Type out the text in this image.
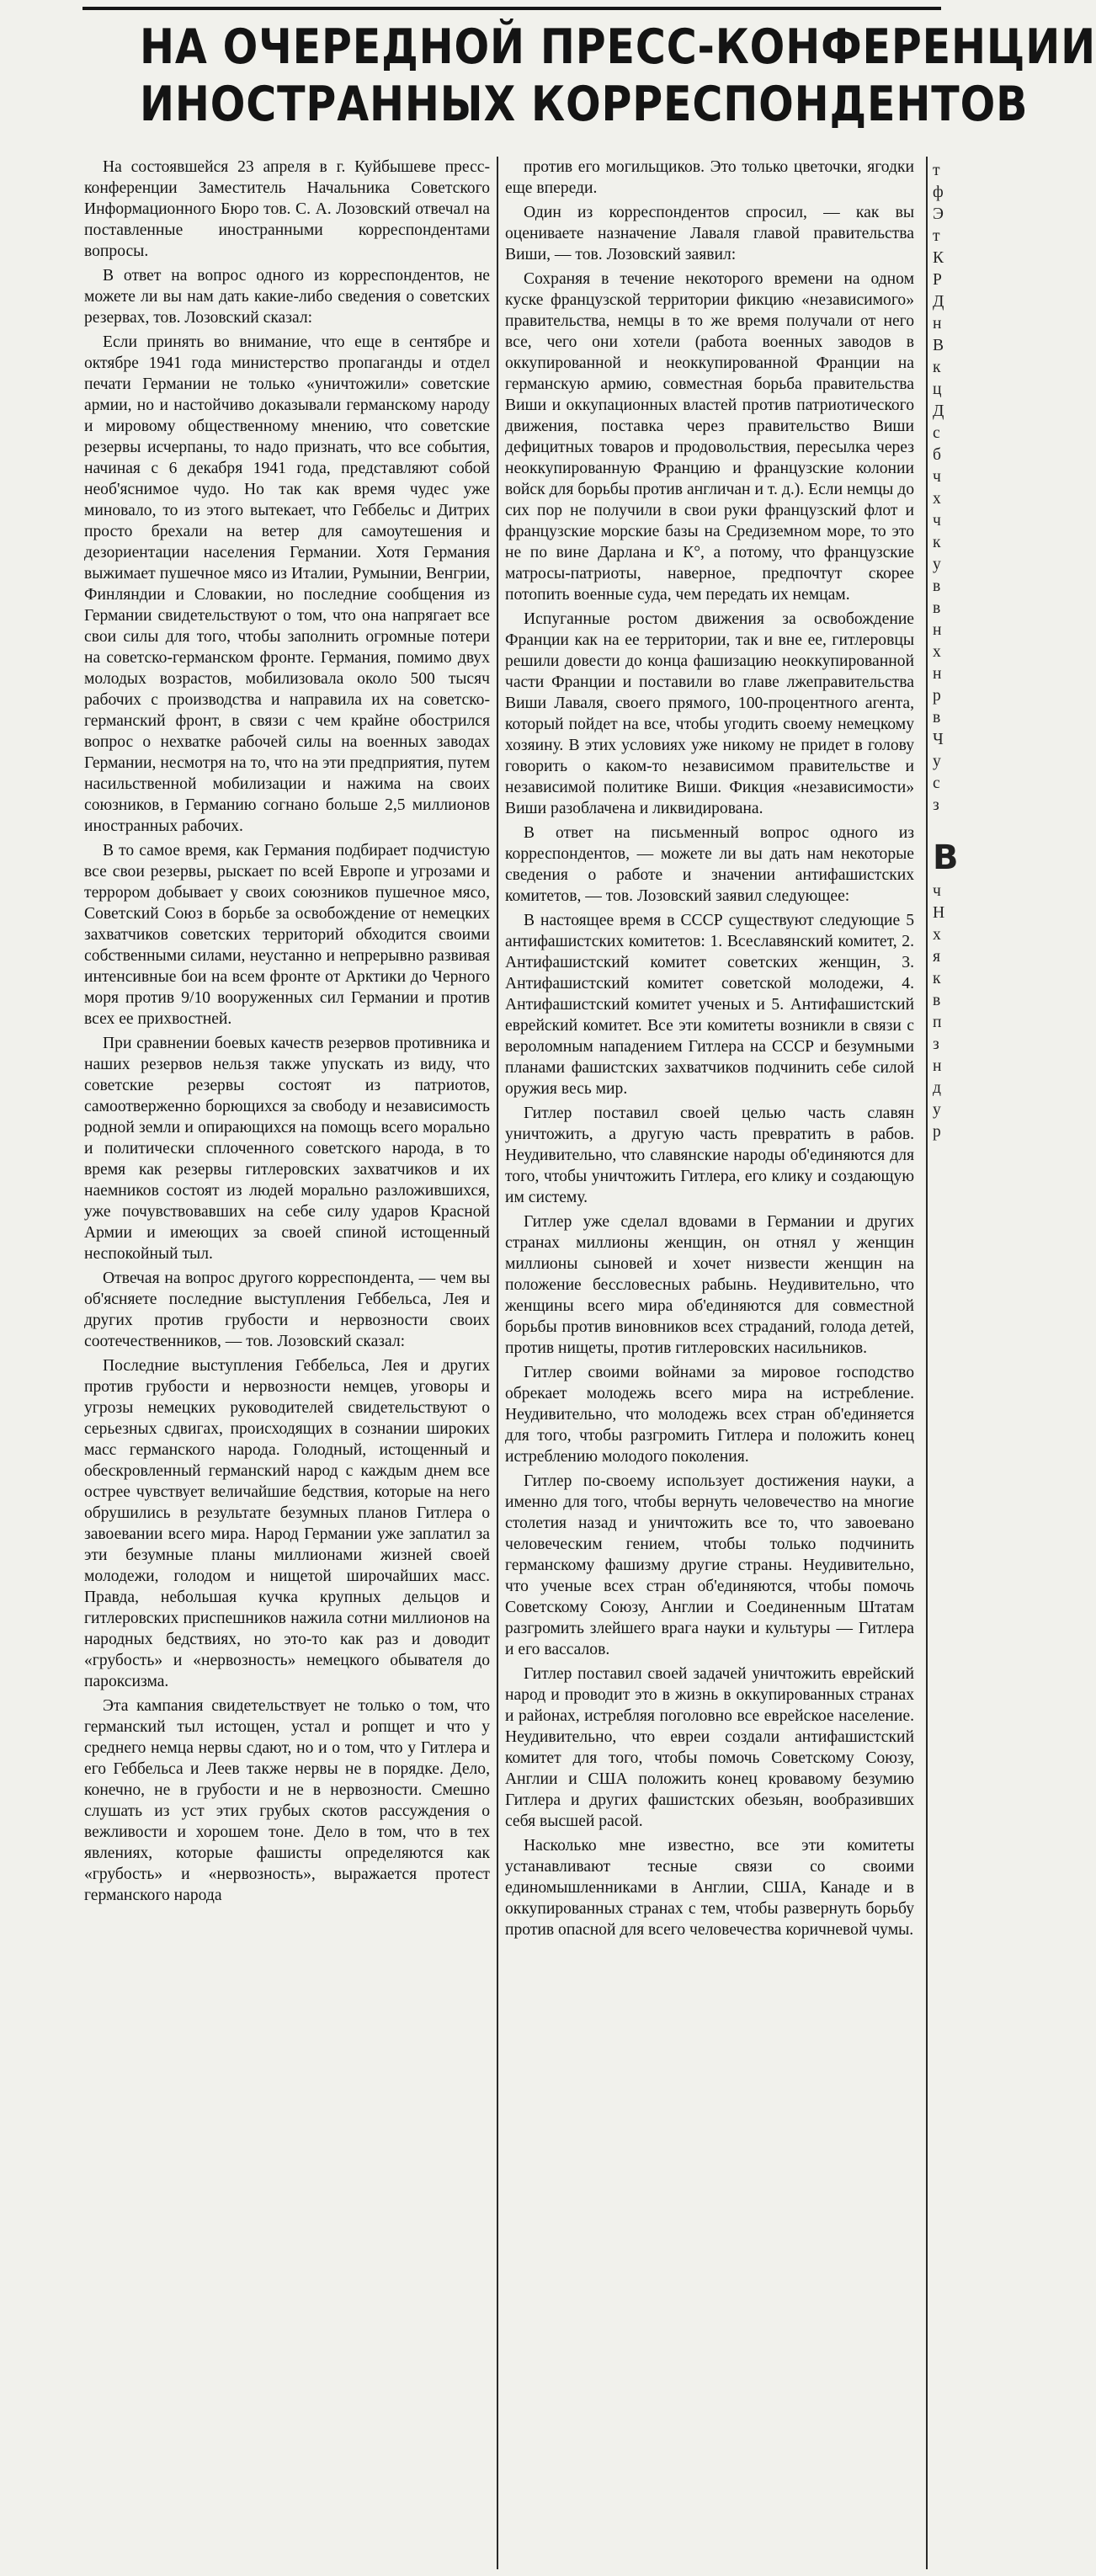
НА ОЧЕРЕДНОЙ ПРЕСС-КОНФЕРЕНЦИИ
ИНОСТРАННЫХ КОРРЕСПОНДЕНТОВ

На состоявшейся 23 апреля в г. Куйбышеве пресс-конференции Заместитель Начальника Советского Информационного Бюро тов. С. А. Лозовский отвечал на поставленные иностранными корреспондентами вопросы.

В ответ на вопрос одного из корреспондентов, не можете ли вы нам дать какие-либо сведения о советских резервах, тов. Лозовский сказал:

Если принять во внимание, что еще в сентябре и октябре 1941 года министерство пропаганды и отдел печати Германии не только «уничтожили» советские армии, но и настойчиво доказывали германскому народу и мировому общественному мнению, что советские резервы исчерпаны, то надо признать, что все события, начиная с 6 декабря 1941 года, представляют собой необ'яснимое чудо. Но так как время чудес уже миновало, то из этого вытекает, что Геббельс и Дитрих просто брехали на ветер для самоутешения и дезориентации населения Германии. Хотя Германия выжимает пушечное мясо из Италии, Румынии, Венгрии, Финляндии и Словакии, но последние сообщения из Германии свидетельствуют о том, что она напрягает все свои силы для того, чтобы заполнить огромные потери на советско-германском фронте. Германия, помимо двух молодых возрастов, мобилизовала около 500 тысяч рабочих с производства и направила их на советско-германский фронт, в связи с чем крайне обострился вопрос о нехватке рабочей силы на военных заводах Германии, несмотря на то, что на эти предприятия, путем насильственной мобилизации и нажима на своих союзников, в Германию согнано больше 2,5 миллионов иностранных рабочих.

В то самое время, как Германия подбирает подчистую все свои резервы, рыскает по всей Европе и угрозами и террором добывает у своих союзников пушечное мясо, Советский Союз в борьбе за освобождение от немецких захватчиков советских территорий обходится своими собственными силами, неустанно и непрерывно развивая интенсивные бои на всем фронте от Арктики до Черного моря против 9/10 вооруженных сил Германии и против всех ее прихвостней.

При сравнении боевых качеств резервов противника и наших резервов нельзя также упускать из виду, что советские резервы состоят из патриотов, самоотверженно борющихся за свободу и независимость родной земли и опирающихся на помощь всего морально и политически сплоченного советского народа, в то время как резервы гитлеровских захватчиков и их наемников состоят из людей морально разложившихся, уже почувствовавших на себе силу ударов Красной Армии и имеющих за своей спиной истощенный неспокойный тыл.

Отвечая на вопрос другого корреспондента, — чем вы об'ясняете последние выступления Геббельса, Лея и других против грубости и нервозности своих соотечественников, — тов. Лозовский сказал:

Последние выступления Геббельса, Лея и других против грубости и нервозности немцев, уговоры и угрозы немецких руководителей свидетельствуют о серьезных сдвигах, происходящих в сознании широких масс германского народа. Голодный, истощенный и обескровленный германский народ с каждым днем все острее чувствует величайшие бедствия, которые на него обрушились в результате безумных планов Гитлера о завоевании всего мира. Народ Германии уже заплатил за эти безумные планы миллионами жизней своей молодежи, голодом и нищетой широчайших масс. Правда, небольшая кучка крупных дельцов и гитлеровских приспешников нажила сотни миллионов на народных бедствиях, но это-то как раз и доводит «грубость» и «нервозность» немецкого обывателя до пароксизма.

Эта кампания свидетельствует не только о том, что германский тыл истощен, устал и ропщет и что у среднего немца нервы сдают, но и о том, что у Гитлера и его Геббельса и Леев также нервы не в порядке. Дело, конечно, не в грубости и не в нервозности. Смешно слушать из уст этих грубых скотов рассуждения о вежливости и хорошем тоне. Дело в том, что в тех явлениях, которые фашисты определяются как «грубость» и «нервозность», выражается протест германского народа

против его могильщиков. Это только цветочки, ягодки еще впереди.

Один из корреспондентов спросил, — как вы оцениваете назначение Лаваля главой правительства Виши, — тов. Лозовский заявил:

Сохраняя в течение некоторого времени на одном куске французской территории фикцию «независимого» правительства, немцы в то же время получали от него все, чего они хотели (работа военных заводов в оккупированной и неоккупированной Франции на германскую армию, совместная борьба правительства Виши и оккупационных властей против патриотического движения, поставка через правительство Виши дефицитных товаров и продовольствия, пересылка через неоккупированную Францию и французские колонии войск для борьбы против англичан и т. д.). Если немцы до сих пор не получили в свои руки французский флот и французские морские базы на Средиземном море, то это не по вине Дарлана и К°, а потому, что французские матросы-патриоты, наверное, предпочтут скорее потопить военные суда, чем передать их немцам.

Испуганные ростом движения за освобождение Франции как на ее территории, так и вне ее, гитлеровцы решили довести до конца фашизацию неоккупированной части Франции и поставили во главе лжеправительства Виши Лаваля, своего прямого, 100-процентного агента, который пойдет на все, чтобы угодить своему немецкому хозяину. В этих условиях уже никому не придет в голову говорить о каком-то независимом правительстве и независимой политике Виши. Фикция «независимости» Виши разоблачена и ликвидирована.

В ответ на письменный вопрос одного из корреспондентов, — можете ли вы дать нам некоторые сведения о работе и значении антифашистских комитетов, — тов. Лозовский заявил следующее:

В настоящее время в СССР существуют следующие 5 антифашистских комитетов: 1. Всеславянский комитет, 2. Антифашистский комитет советских женщин, 3. Антифашистский комитет советской молодежи, 4. Антифашистский комитет ученых и 5. Антифашистский еврейский комитет. Все эти комитеты возникли в связи с вероломным нападением Гитлера на СССР и безумными планами фашистских захватчиков подчинить себе силой оружия весь мир.

Гитлер поставил своей целью часть славян уничтожить, а другую часть превратить в рабов. Неудивительно, что славянские народы об'единяются для того, чтобы уничтожить Гитлера, его клику и создающую им систему.

Гитлер уже сделал вдовами в Германии и других странах миллионы женщин, он отнял у женщин миллионы сыновей и хочет низвести женщин на положение бессловесных рабынь. Неудивительно, что женщины всего мира об'единяются для совместной борьбы против виновников всех страданий, голода детей, против нищеты, против гитлеровских насильников.

Гитлер своими войнами за мировое господство обрекает молодежь всего мира на истребление. Неудивительно, что молодежь всех стран об'единяется для того, чтобы разгромить Гитлера и положить конец истреблению молодого поколения.

Гитлер по-своему использует достижения науки, а именно для того, чтобы вернуть человечество на многие столетия назад и уничтожить все то, что завоевано человеческим гением, чтобы только подчинить германскому фашизму другие страны. Неудивительно, что ученые всех стран об'единяются, чтобы помочь Советскому Союзу, Англии и Соединенным Штатам разгромить злейшего врага науки и культуры — Гитлера и его вассалов.

Гитлер поставил своей задачей уничтожить еврейский народ и проводит это в жизнь в оккупированных странах и районах, истребляя поголовно все еврейское население. Неудивительно, что евреи создали антифашистский комитет для того, чтобы помочь Советскому Союзу, Англии и США положить конец кровавому безумию Гитлера и других фашистских обезьян, вообразивших себя высшей расой.

Насколько мне известно, все эти комитеты устанавливают тесные связи со своими единомышленниками в Англии, США, Канаде и в оккупированных странах с тем, чтобы развернуть борьбу против опасной для всего человечества коричневой чумы.

т
ф
Э
т
К
Р
Д
н
В
к
ц
Д
с
б
ч
х
ч
к
у
в
в
н
х
н
р
в
Ч
у
с
з
В
ч
Н
х
я
к
в
п
з
н
д
у
р
